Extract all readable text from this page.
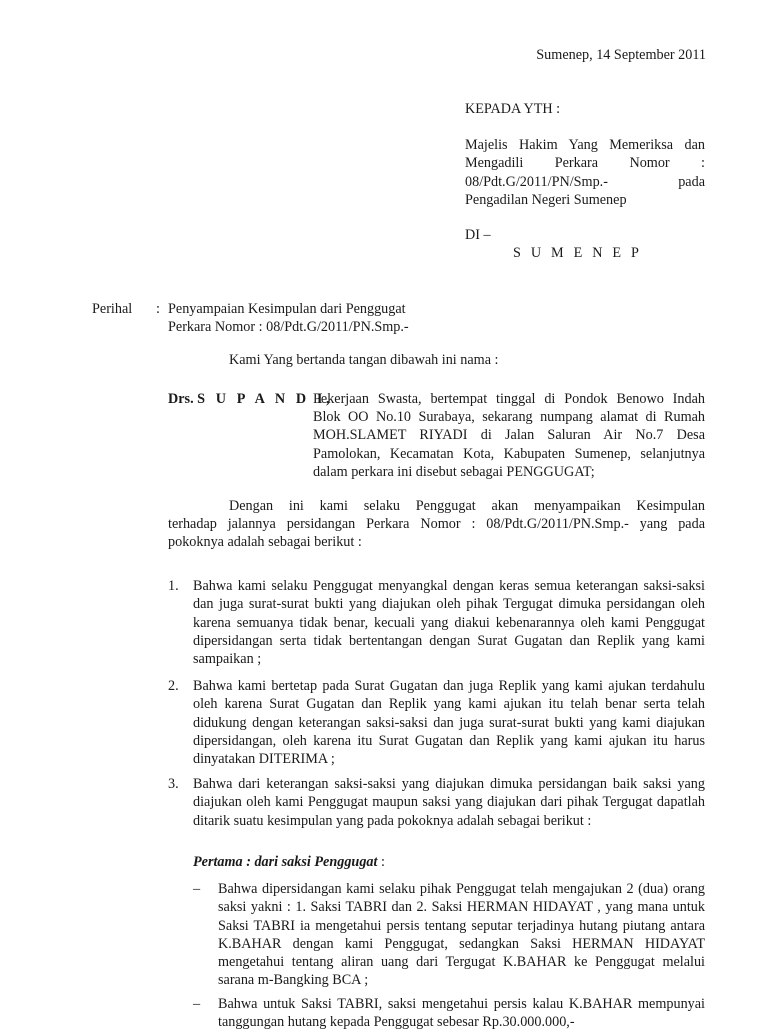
Sumenep, 14 September 2011

KEPADA YTH :

Majelis Hakim Yang Memeriksa dan
Mengadili Perkara Nomor :
08/Pdt.G/2011/PN/Smp.- pada
Pengadilan Negeri Sumenep

DI –

S U M E N E P

Perihal : Penyampaian Kesimpulan dari Penggugat
Perkara Nomor : 08/Pdt.G/2011/PN.Smp.-

Kami Yang bertanda tangan dibawah ini nama :

Drs. S U P A N D I,

Pekerjaan Swasta, bertempat tinggal di Pondok Benowo Indah

Blok OO No.10 Surabaya, sekarang numpang alamat di Rumah MOH.SLAMET RIYADI di Jalan Saluran Air No.7 Desa Pamolokan, Kecamatan Kota, Kabupaten Sumenep, selanjutnya dalam perkara ini disebut sebagai PENGGUGAT;

Dengan ini kami selaku Penggugat akan menyampaikan Kesimpulan

terhadap jalannya persidangan Perkara Nomor : 08/Pdt.G/2011/PN.Smp.- yang pada pokoknya adalah sebagai berikut :

1. Bahwa kami selaku Penggugat menyangkal dengan keras semua keterangan saksi-saksi dan juga surat-surat bukti yang diajukan oleh pihak Tergugat dimuka persidangan oleh karena semuanya tidak benar, kecuali yang diakui kebenarannya oleh kami Penggugat dipersidangan serta tidak bertentangan dengan Surat Gugatan dan Replik yang kami sampaikan ;

2. Bahwa kami bertetap pada Surat Gugatan dan juga Replik yang kami ajukan terdahulu oleh karena Surat Gugatan dan Replik yang kami ajukan itu telah benar serta telah didukung dengan keterangan saksi-saksi dan juga surat-surat bukti yang kami diajukan dipersidangan, oleh karena itu Surat Gugatan dan Replik yang kami ajukan itu harus dinyatakan DITERIMA ;

3. Bahwa dari keterangan saksi-saksi yang diajukan dimuka persidangan baik saksi yang diajukan oleh kami Penggugat maupun saksi yang diajukan dari pihak Tergugat dapatlah ditarik suatu kesimpulan yang pada pokoknya adalah sebagai berikut :

Pertama : dari saksi Penggugat :

– Bahwa dipersidangan kami selaku pihak Penggugat telah mengajukan 2 (dua) orang saksi yakni : 1. Saksi TABRI dan 2. Saksi HERMAN HIDAYAT , yang mana untuk Saksi TABRI ia mengetahui persis tentang seputar terjadinya hutang piutang antara K.BAHAR dengan kami Penggugat, sedangkan Saksi HERMAN HIDAYAT mengetahui tentang aliran uang dari Tergugat K.BAHAR ke Penggugat melalui sarana m-Bangking BCA ;

– Bahwa untuk Saksi TABRI, saksi mengetahui persis kalau K.BAHAR mempunyai tanggungan hutang kepada Penggugat sebesar Rp.30.000.000,-
